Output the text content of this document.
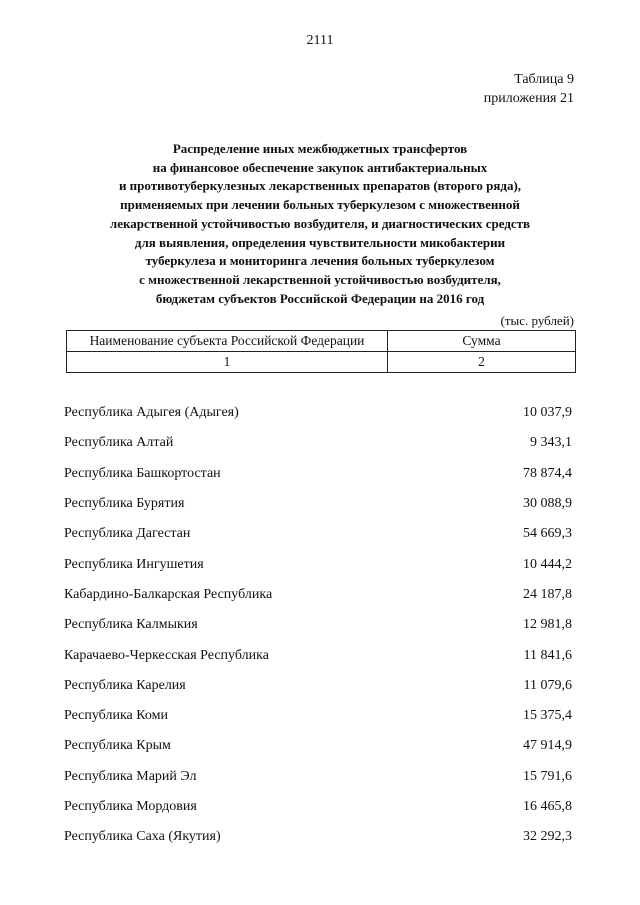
2111
Таблица 9
приложения 21
Распределение иных межбюджетных трансфертов
на финансовое обеспечение закупок антибактериальных
и противотуберкулезных лекарственных препаратов (второго ряда),
применяемых при лечении больных туберкулезом с множественной
лекарственной устойчивостью возбудителя, и диагностических средств
для выявления, определения чувствительности микобактерии
туберкулеза и мониторинга лечения больных туберкулезом
с множественной лекарственной устойчивостью возбудителя,
бюджетам субъектов Российской Федерации на 2016 год
(тыс. рублей)
Наименование субъекта Российской Федерации	Сумма
1	2
Республика Адыгея (Адыгея)	10 037,9
Республика Алтай	9 343,1
Республика Башкортостан	78 874,4
Республика Бурятия	30 088,9
Республика Дагестан	54 669,3
Республика Ингушетия	10 444,2
Кабардино-Балкарская Республика	24 187,8
Республика Калмыкия	12 981,8
Карачаево-Черкесская Республика	11 841,6
Республика Карелия	11 079,6
Республика Коми	15 375,4
Республика Крым	47 914,9
Республика Марий Эл	15 791,6
Республика Мордовия	16 465,8
Республика Саха (Якутия)	32 292,3
